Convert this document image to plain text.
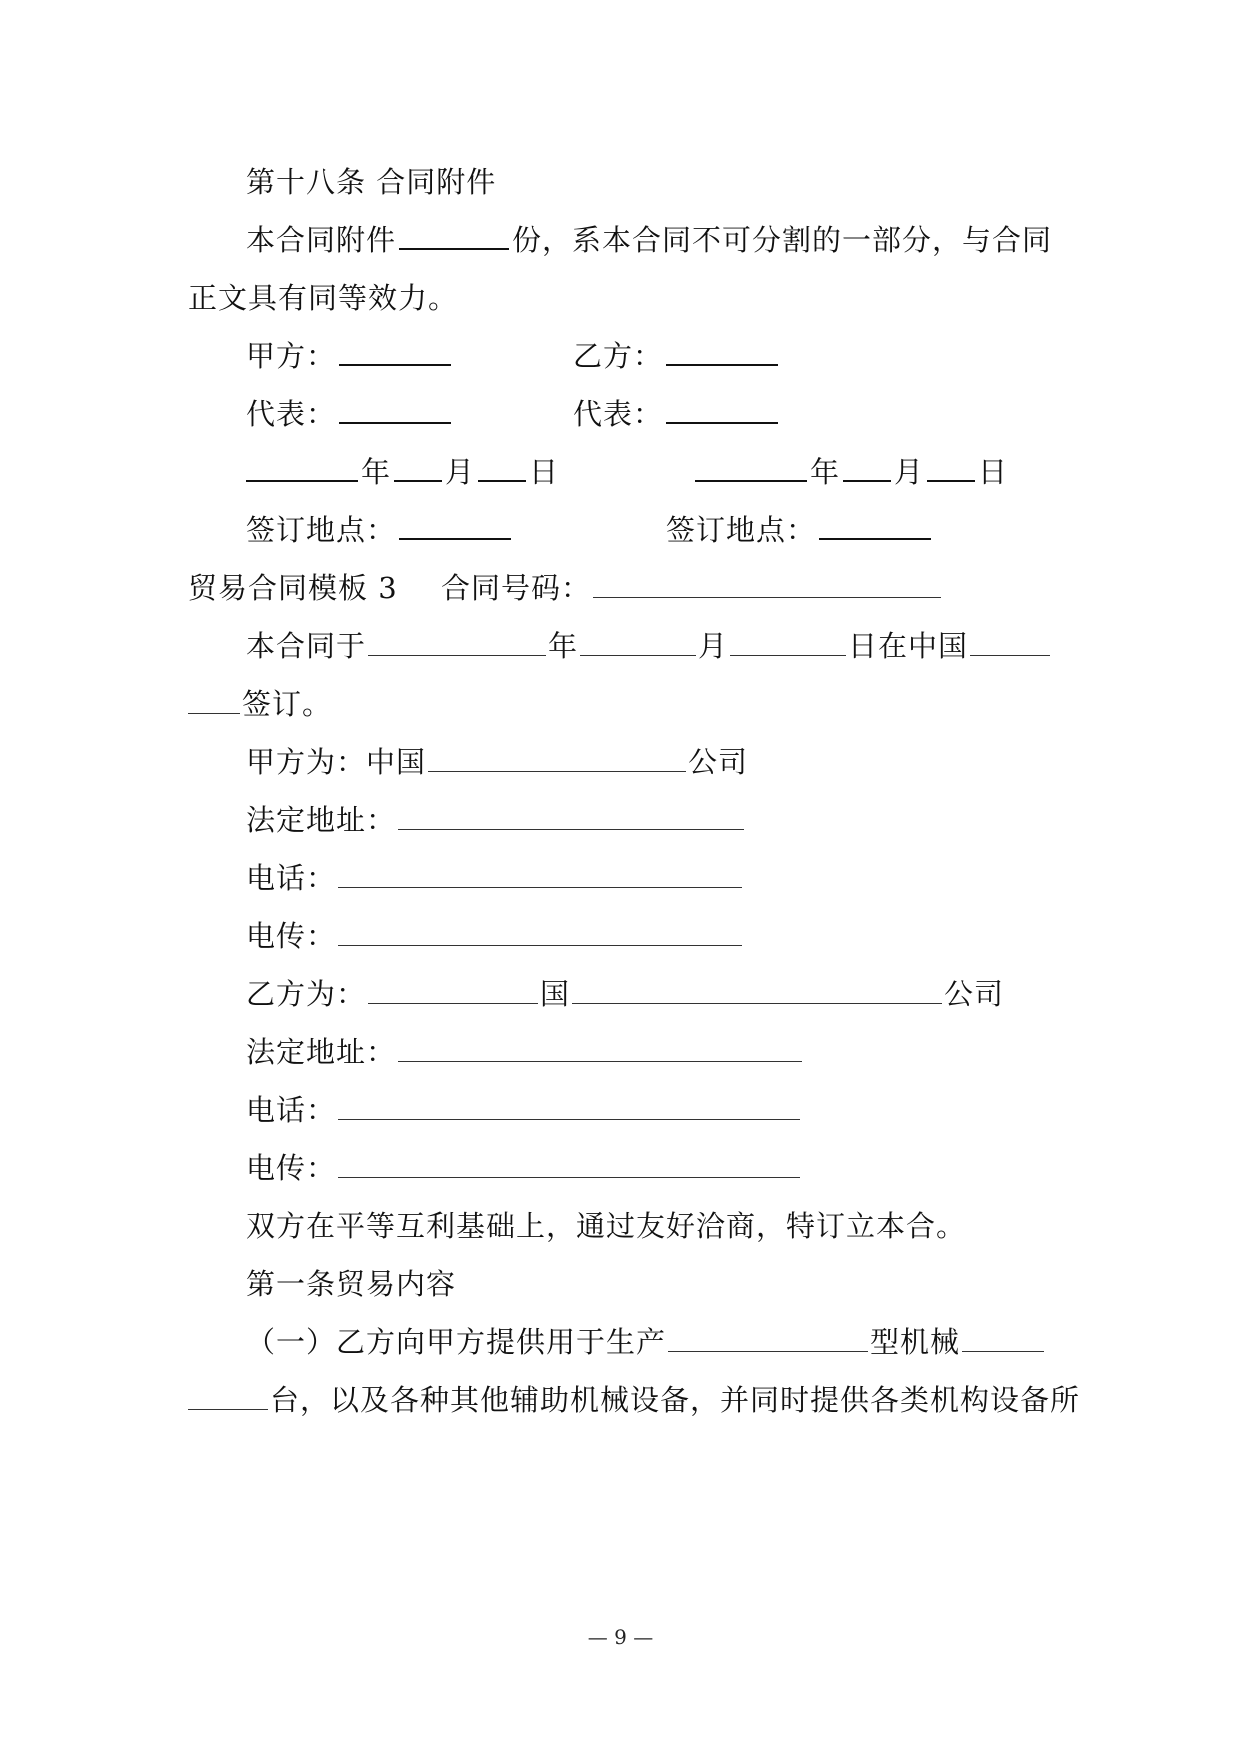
第十八条 合同附件
本合同附件	份，系本合同不可分割的一部分，与合同
正文具有同等效力。
甲方：	乙方：
代表：	代表：
年 月 日	年 月 日
签订地点：	签订地点：
贸易合同模板 3 合同号码：
本合同于	年	月	日在中国
签订。
甲方为：中国	公司
法定地址：
电话：
电传：
乙方为：	国	公司
法定地址：
电话：
电传：
双方在平等互利基础上，通过友好洽商，特订立本合。
第一条贸易内容
（一）乙方向甲方提供用于生产	型机械
台，以及各种其他辅助机械设备，并同时提供各类机构设备所
— 9 —
